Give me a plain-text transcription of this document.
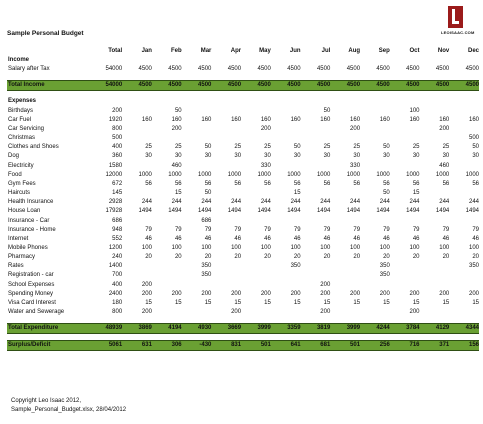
Sample Personal Budget	LEOISAAC.COM
	Total	Jan	Feb	Mar	Apr	May	Jun	Jul	Aug	Sep	Oct	Nov	Dec
Income													
Salary after Tax	54000	4500	4500	4500	4500	4500	4500	4500	4500	4500	4500	4500	4500

Total Income	54000	4500	4500	4500	4500	4500	4500	4500	4500	4500	4500	4500	4500

Expenses													
Birthdays	200		50					50			100		
Car Fuel	1920	160	160	160	160	160	160	160	160	160	160	160	160
Car Servicing	800		200			200			200			200	
Christmas	500												500
Clothes and Shoes	400	25	25	50	25	25	50	25	25	50	25	25	50
Dog	360	30	30	30	30	30	30	30	30	30	30	30	30
Electricity	1580		460			330			330			460	
Food	12000	1000	1000	1000	1000	1000	1000	1000	1000	1000	1000	1000	1000
Gym Fees	672	56	56	56	56	56	56	56	56	56	56	56	56
Haircuts	145		15	50			15			50	15		
Health Insurance	2928	244	244	244	244	244	244	244	244	244	244	244	244
House Loan	17928	1494	1494	1494	1494	1494	1494	1494	1494	1494	1494	1494	1494
Insurance - Car	686			686									
Insurance - Home	948	79	79	79	79	79	79	79	79	79	79	79	79
Internet	552	46	46	46	46	46	46	46	46	46	46	46	46
Mobile Phones	1200	100	100	100	100	100	100	100	100	100	100	100	100
Pharmacy	240	20	20	20	20	20	20	20	20	20	20	20	20
Rates	1400			350			350			350			350
Registration - car	700			350						350			
School Expenses	400	200						200					
Spending Money	2400	200	200	200	200	200	200	200	200	200	200	200	200
Visa Card Interest	180	15	15	15	15	15	15	15	15	15	15	15	15
Water and Sewerage	800	200			200			200			200		

Total Expenditure	48939	3869	4194	4930	3669	3999	3359	3819	3999	4244	3784	4129	4344

Surplus/Deficit	5061	631	306	-430	831	501	641	681	501	256	716	371	156
Copyright Leo Isaac 2012,
Sample_Personal_Budget.xlsx, 28/04/2012
